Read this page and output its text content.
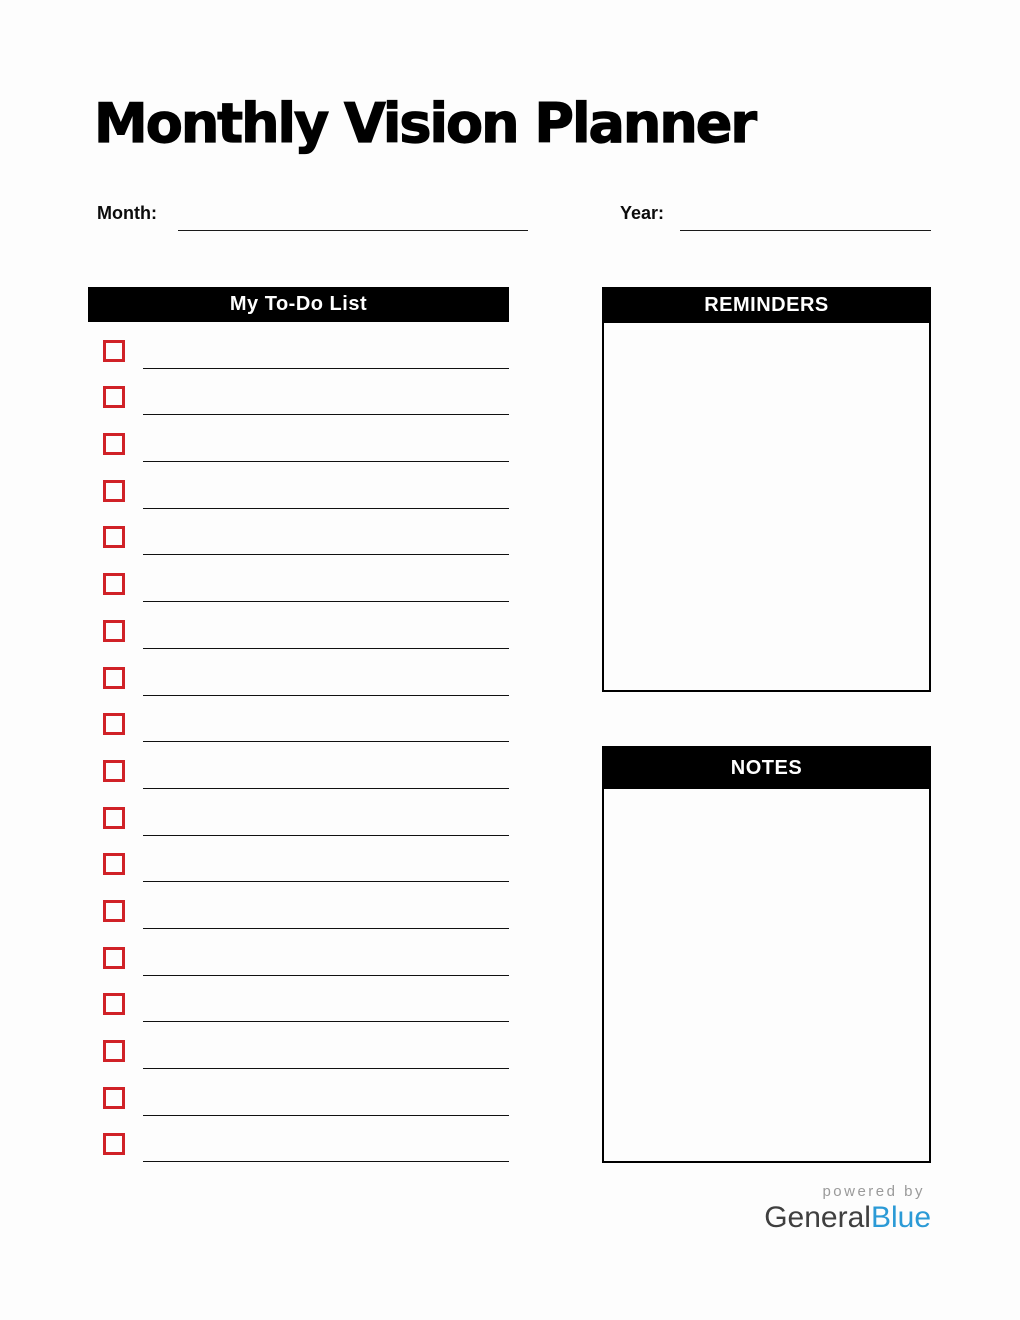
Monthly Vision Planner
Month:	Year:
My To-Do List	REMINDERS
NOTES
powered by
GeneralBlue
